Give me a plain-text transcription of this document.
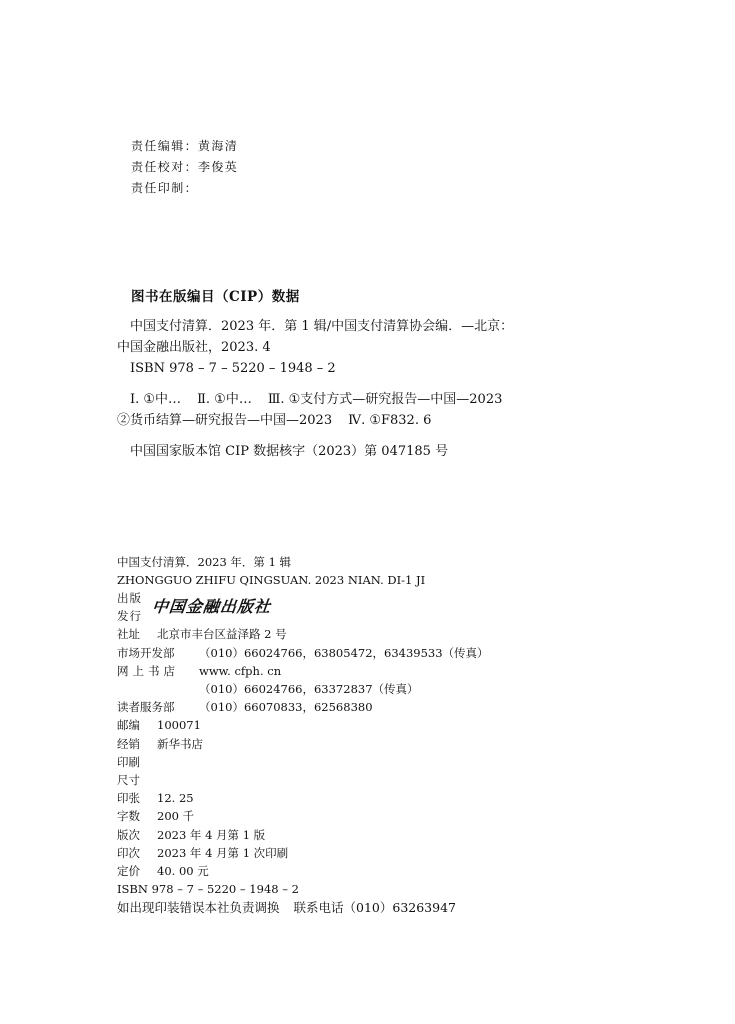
责任编辑：黄海清
责任校对：李俊英
责任印制：
图书在版编目（CIP）数据
中国支付清算．2023 年．第 1 辑/中国支付清算协会编．—北京：
中国金融出版社，2023. 4
ISBN 978 – 7 – 5220 – 1948 – 2
Ⅰ. ①中… Ⅱ. ①中… Ⅲ. ①支付方式—研究报告—中国—2023
②货币结算—研究报告—中国—2023 Ⅳ. ①F832. 6
中国国家版本馆 CIP 数据核字（2023）第 047185 号
中国支付清算．2023 年．第 1 辑
ZHONGGUO ZHIFU QINGSUAN. 2023 NIAN. DI-1 JI
出版
发行
中国金融出版社
社址 北京市丰台区益泽路 2 号
市场开发部 （010）66024766，63805472，63439533（传真）
网上书店 www. cfph. cn
（010）66024766，63372837（传真）
读者服务部 （010）66070833，62568380
邮编 100071
经销 新华书店
印刷
尺寸
印张 12. 25
字数 200 千
版次 2023 年 4 月第 1 版
印次 2023 年 4 月第 1 次印刷
定价 40. 00 元
ISBN 978 – 7 – 5220 – 1948 – 2
如出现印装错误本社负责调换 联系电话（010）63263947
